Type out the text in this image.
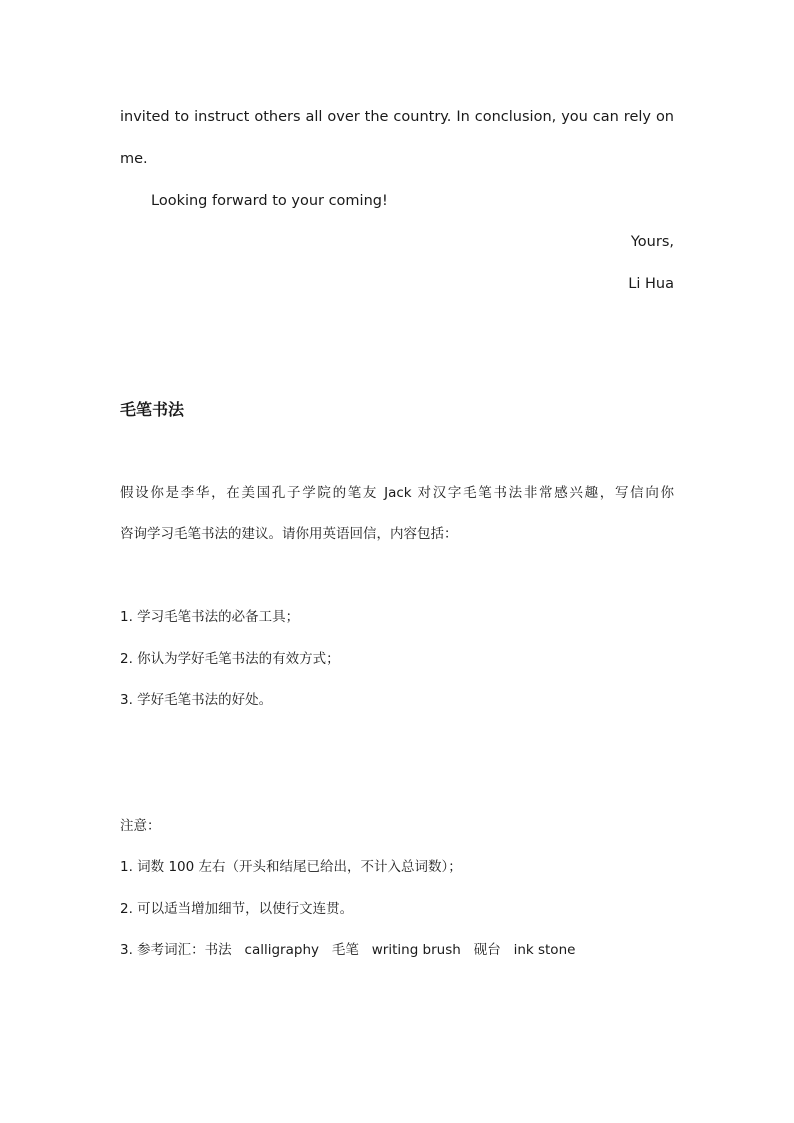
invited to instruct others all over the country. In conclusion, you can rely on
me.
Looking forward to your coming!
Yours,
Li Hua
毛笔书法
假设你是李华，在美国孔子学院的笔友 Jack 对汉字毛笔书法非常感兴趣，写信向你
咨询学习毛笔书法的建议。请你用英语回信，内容包括：
1. 学习毛笔书法的必备工具；
2. 你认为学好毛笔书法的有效方式；
3. 学好毛笔书法的好处。
注意：
1. 词数 100 左右（开头和结尾已给出，不计入总词数）；
2. 可以适当增加细节，以使行文连贯。
3. 参考词汇：书法   calligraphy   毛笔   writing brush   砚台   ink stone
